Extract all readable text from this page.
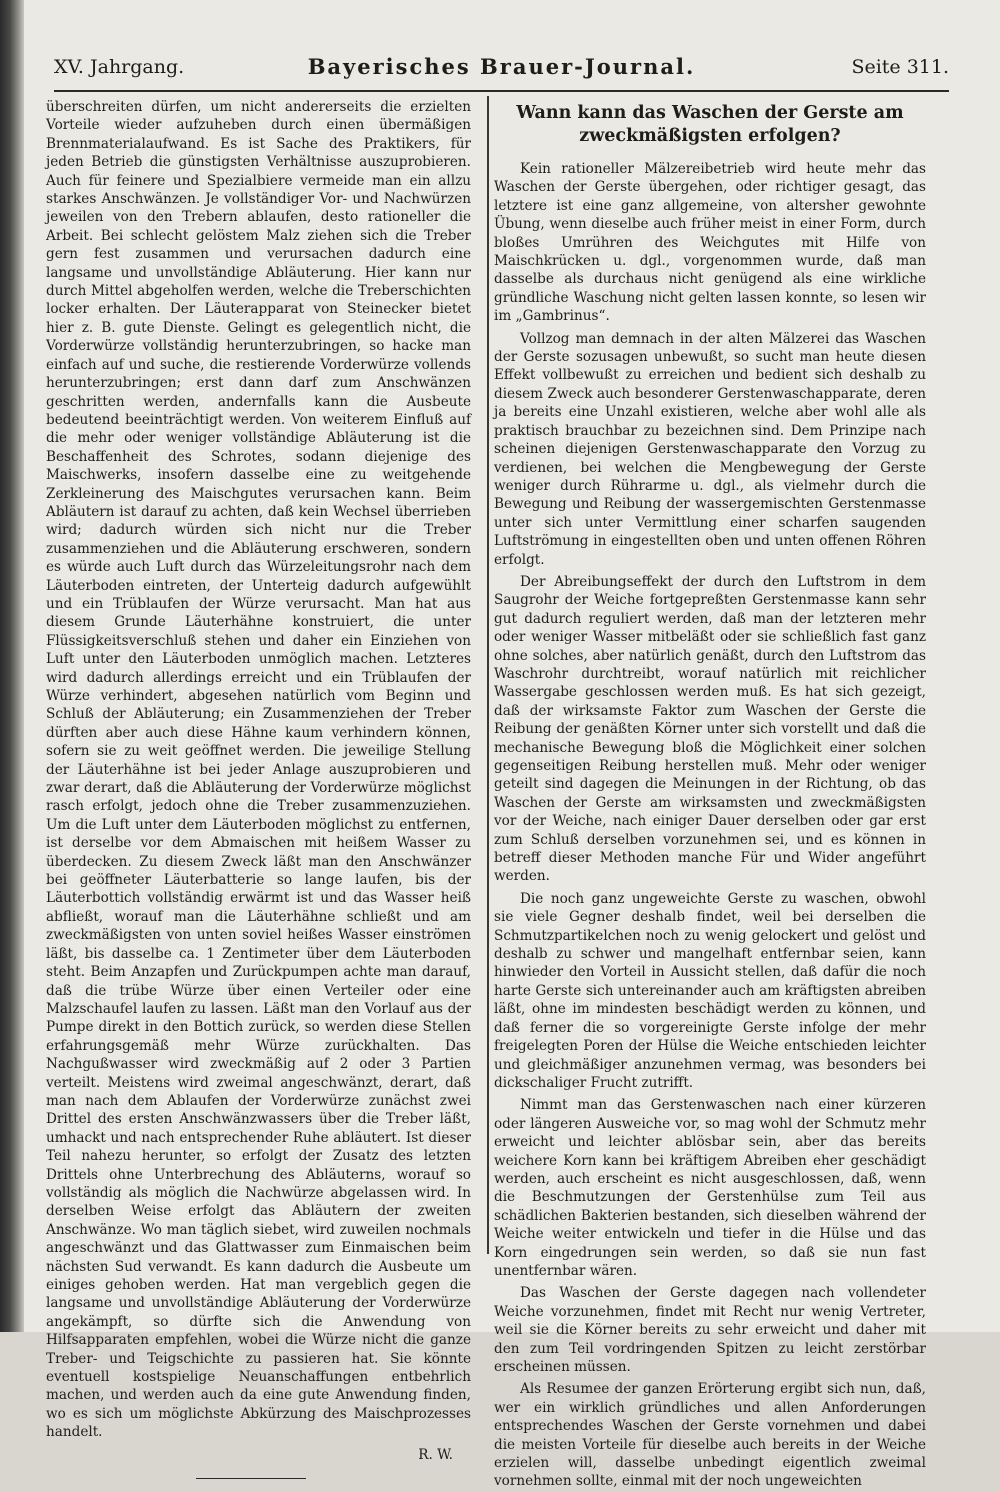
XV. Jahrgang.	Bayerisches Brauer-Journal.	Seite 311.

überschreiten dürfen, um nicht andererseits die erzielten Vorteile wieder aufzuheben durch einen übermäßigen Brennmaterialaufwand. Es ist Sache des Praktikers, für jeden Betrieb die günstigsten Verhältnisse auszuprobieren. Auch für feinere und Spezialbiere vermeide man ein allzu starkes Anschwänzen. Je vollständiger Vor- und Nachwürzen jeweilen von den Trebern ablaufen, desto rationeller die Arbeit. Bei schlecht gelöstem Malz ziehen sich die Treber gern fest zusammen und verursachen dadurch eine langsame und unvollständige Abläuterung. Hier kann nur durch Mittel abgeholfen werden, welche die Treberschichten locker erhalten. Der Läuterapparat von Steinecker bietet hier z. B. gute Dienste. Gelingt es gelegentlich nicht, die Vorderwürze vollständig herunterzubringen, so hacke man einfach auf und suche, die restierende Vorderwürze vollends herunterzubringen; erst dann darf zum Anschwänzen geschritten werden, andernfalls kann die Ausbeute bedeutend beeinträchtigt werden. Von weiterem Einfluß auf die mehr oder weniger vollständige Abläuterung ist die Beschaffenheit des Schrotes, sodann diejenige des Maischwerks, insofern dasselbe eine zu weitgehende Zerkleinerung des Maischgutes verursachen kann. Beim Abläutern ist darauf zu achten, daß kein Wechsel überrieben wird; dadurch würden sich nicht nur die Treber zusammenziehen und die Abläuterung erschweren, sondern es würde auch Luft durch das Würzeleitungsrohr nach dem Läuterboden eintreten, der Unterteig dadurch aufgewühlt und ein Trüblaufen der Würze verursacht. Man hat aus diesem Grunde Läuterhähne konstruiert, die unter Flüssigkeitsverschluß stehen und daher ein Einziehen von Luft unter den Läuterboden unmöglich machen. Letzteres wird dadurch allerdings erreicht und ein Trüblaufen der Würze verhindert, abgesehen natürlich vom Beginn und Schluß der Abläuterung; ein Zusammenziehen der Treber dürften aber auch diese Hähne kaum verhindern können, sofern sie zu weit geöffnet werden. Die jeweilige Stellung der Läuterhähne ist bei jeder Anlage auszuprobieren und zwar derart, daß die Abläuterung der Vorderwürze möglichst rasch erfolgt, jedoch ohne die Treber zusammenzuziehen. Um die Luft unter dem Läuterboden möglichst zu entfernen, ist derselbe vor dem Abmaischen mit heißem Wasser zu überdecken. Zu diesem Zweck läßt man den Anschwänzer bei geöffneter Läuterbatterie so lange laufen, bis der Läuterbottich vollständig erwärmt ist und das Wasser heiß abfließt, worauf man die Läuterhähne schließt und am zweckmäßigsten von unten soviel heißes Wasser einströmen läßt, bis dasselbe ca. 1 Zentimeter über dem Läuterboden steht. Beim Anzapfen und Zurückpumpen achte man darauf, daß die trübe Würze über einen Verteiler oder eine Malzschaufel laufen zu lassen. Läßt man den Vorlauf aus der Pumpe direkt in den Bottich zurück, so werden diese Stellen erfahrungsgemäß mehr Würze zurückhalten. Das Nachgußwasser wird zweckmäßig auf 2 oder 3 Partien verteilt. Meistens wird zweimal angeschwänzt, derart, daß man nach dem Ablaufen der Vorderwürze zunächst zwei Drittel des ersten Anschwänzwassers über die Treber läßt, umhackt und nach entsprechender Ruhe abläutert. Ist dieser Teil nahezu herunter, so erfolgt der Zusatz des letzten Drittels ohne Unterbrechung des Abläuterns, worauf so vollständig als möglich die Nachwürze abgelassen wird. In derselben Weise erfolgt das Abläutern der zweiten Anschwänze. Wo man täglich siebet, wird zuweilen nochmals angeschwänzt und das Glattwasser zum Einmaischen beim nächsten Sud verwandt. Es kann dadurch die Ausbeute um einiges gehoben werden. Hat man vergeblich gegen die langsame und unvollständige Abläuterung der Vorderwürze angekämpft, so dürfte sich die Anwendung von Hilfsapparaten empfehlen, wobei die Würze nicht die ganze Treber- und Teigschichte zu passieren hat. Sie könnte eventuell kostspielige Neuanschaffungen entbehrlich machen, und werden auch da eine gute Anwendung finden, wo es sich um möglichste Abkürzung des Maischprozesses handelt.

R. W.

Wann kann das Waschen der Gerste am zweckmäßigsten erfolgen?

Kein rationeller Mälzereibetrieb wird heute mehr das Waschen der Gerste übergehen, oder richtiger gesagt, das letztere ist eine ganz allgemeine, von altersher gewohnte Übung, wenn dieselbe auch früher meist in einer Form, durch bloßes Umrühren des Weichgutes mit Hilfe von Maischkrücken u. dgl., vorgenommen wurde, daß man dasselbe als durchaus nicht genügend als eine wirkliche gründliche Waschung nicht gelten lassen konnte, so lesen wir im „Gambrinus“.

Vollzog man demnach in der alten Mälzerei das Waschen der Gerste sozusagen unbewußt, so sucht man heute diesen Effekt vollbewußt zu erreichen und bedient sich deshalb zu diesem Zweck auch besonderer Gerstenwaschapparate, deren ja bereits eine Unzahl existieren, welche aber wohl alle als praktisch brauchbar zu bezeichnen sind. Dem Prinzipe nach scheinen diejenigen Gerstenwaschapparate den Vorzug zu verdienen, bei welchen die Mengbewegung der Gerste weniger durch Rührarme u. dgl., als vielmehr durch die Bewegung und Reibung der wassergemischten Gerstenmasse unter sich unter Vermittlung einer scharfen saugenden Luftströmung in eingestellten oben und unten offenen Röhren erfolgt.

Der Abreibungseffekt der durch den Luftstrom in dem Saugrohr der Weiche fortgepreßten Gerstenmasse kann sehr gut dadurch reguliert werden, daß man der letzteren mehr oder weniger Wasser mitbeläßt oder sie schließlich fast ganz ohne solches, aber natürlich genäßt, durch den Luftstrom das Waschrohr durchtreibt, worauf natürlich mit reichlicher Wassergabe geschlossen werden muß. Es hat sich gezeigt, daß der wirksamste Faktor zum Waschen der Gerste die Reibung der genäßten Körner unter sich vorstellt und daß die mechanische Bewegung bloß die Möglichkeit einer solchen gegenseitigen Reibung herstellen muß. Mehr oder weniger geteilt sind dagegen die Meinungen in der Richtung, ob das Waschen der Gerste am wirksamsten und zweckmäßigsten vor der Weiche, nach einiger Dauer derselben oder gar erst zum Schluß derselben vorzunehmen sei, und es können in betreff dieser Methoden manche Für und Wider angeführt werden.

Die noch ganz ungeweichte Gerste zu waschen, obwohl sie viele Gegner deshalb findet, weil bei derselben die Schmutzpartikelchen noch zu wenig gelockert und gelöst und deshalb zu schwer und mangelhaft entfernbar seien, kann hinwieder den Vorteil in Aussicht stellen, daß dafür die noch harte Gerste sich untereinander auch am kräftigsten abreiben läßt, ohne im mindesten beschädigt werden zu können, und daß ferner die so vorgereinigte Gerste infolge der mehr freigelegten Poren der Hülse die Weiche entschieden leichter und gleichmäßiger anzunehmen vermag, was besonders bei dickschaliger Frucht zutrifft.

Nimmt man das Gerstenwaschen nach einer kürzeren oder längeren Ausweiche vor, so mag wohl der Schmutz mehr erweicht und leichter ablösbar sein, aber das bereits weichere Korn kann bei kräftigem Abreiben eher geschädigt werden, auch erscheint es nicht ausgeschlossen, daß, wenn die Beschmutzungen der Gerstenhülse zum Teil aus schädlichen Bakterien bestanden, sich dieselben während der Weiche weiter entwickeln und tiefer in die Hülse und das Korn eingedrungen sein werden, so daß sie nun fast unentfernbar wären.

Das Waschen der Gerste dagegen nach vollendeter Weiche vorzunehmen, findet mit Recht nur wenig Vertreter, weil sie die Körner bereits zu sehr erweicht und daher mit den zum Teil vordringenden Spitzen zu leicht zerstörbar erscheinen müssen.

Als Resumee der ganzen Erörterung ergibt sich nun, daß, wer ein wirklich gründliches und allen Anforderungen entsprechendes Waschen der Gerste vornehmen und dabei die meisten Vorteile für dieselbe auch bereits in der Weiche erzielen will, dasselbe unbedingt eigentlich zweimal vornehmen sollte, einmal mit der noch ungeweichten
